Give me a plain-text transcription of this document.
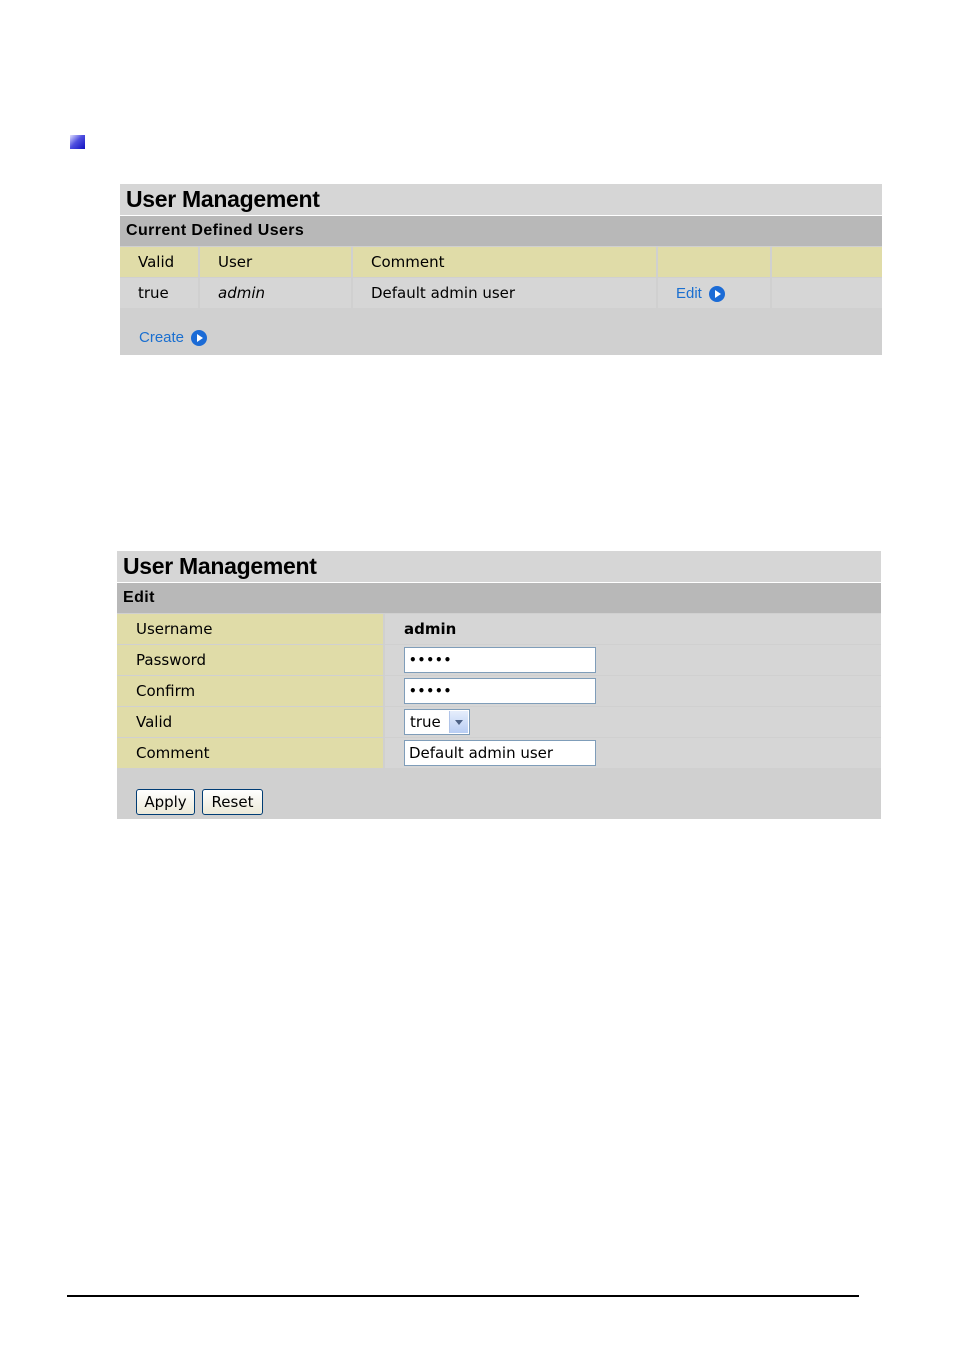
User Management
Current Defined Users
Valid	User	Comment
true	admin	Default admin user	Edit
Create
User Management
Edit
Username	admin
Password	•••••
Confirm	•••••
Valid	true
Comment	Default admin user
Apply	Reset
